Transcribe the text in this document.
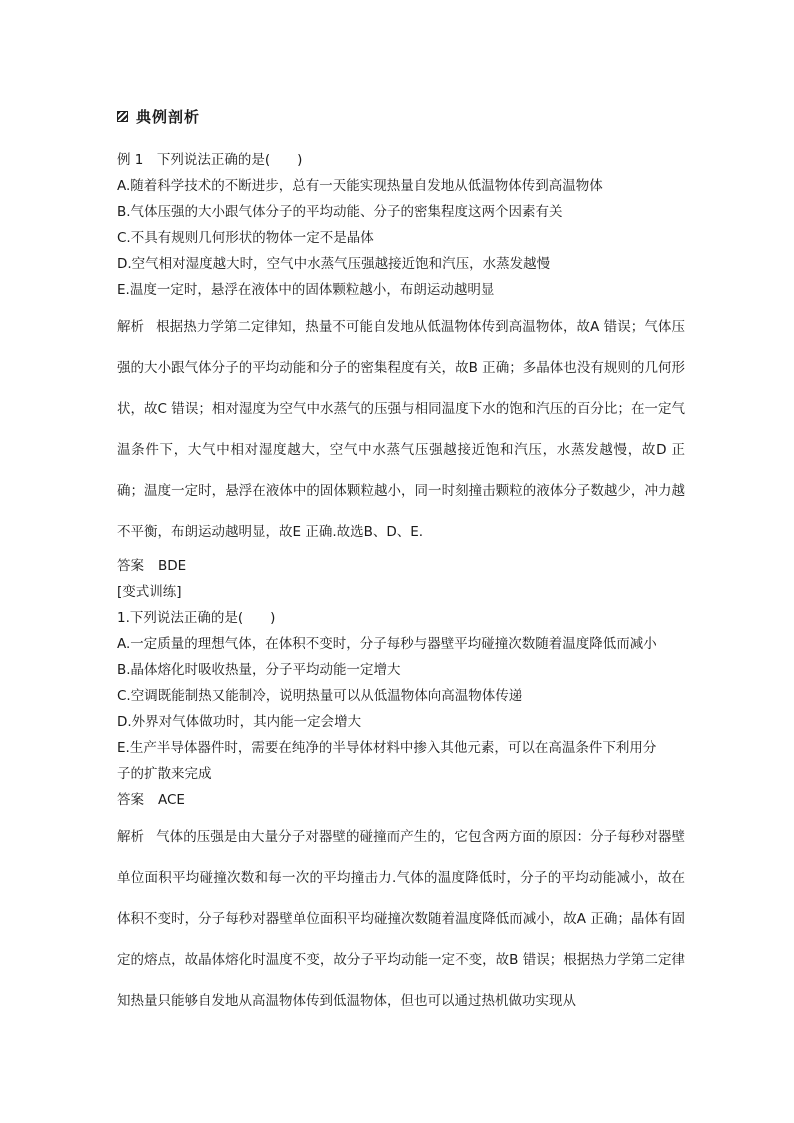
典例剖析
例 1　下列说法正确的是(　　)
A.随着科学技术的不断进步，总有一天能实现热量自发地从低温物体传到高温物体
B.气体压强的大小跟气体分子的平均动能、分子的密集程度这两个因素有关
C.不具有规则几何形状的物体一定不是晶体
D.空气相对湿度越大时，空气中水蒸气压强越接近饱和汽压，水蒸发越慢
E.温度一定时，悬浮在液体中的固体颗粒越小，布朗运动越明显
解析 根据热力学第二定律知，热量不可能自发地从低温物体传到高温物体，故A 错误；气体压强的大小跟气体分子的平均动能和分子的密集程度有关，故B 正确；多晶体也没有规则的几何形状，故C 错误；相对湿度为空气中水蒸气的压强与相同温度下水的饱和汽压的百分比；在一定气温条件下，大气中相对湿度越大，空气中水蒸气压强越接近饱和汽压，水蒸发越慢，故D 正确；温度一定时，悬浮在液体中的固体颗粒越小，同一时刻撞击颗粒的液体分子数越少，冲力越不平衡，布朗运动越明显，故E 正确.故选B、D、E.
答案 BDE
[变式训练]
1.下列说法正确的是(　　)
A.一定质量的理想气体，在体积不变时，分子每秒与器壁平均碰撞次数随着温度降低而减小
B.晶体熔化时吸收热量，分子平均动能一定增大
C.空调既能制热又能制冷，说明热量可以从低温物体向高温物体传递
D.外界对气体做功时，其内能一定会增大
E.生产半导体器件时，需要在纯净的半导体材料中掺入其他元素，可以在高温条件下利用分
子的扩散来完成
答案 ACE
解析 气体的压强是由大量分子对器壁的碰撞而产生的，它包含两方面的原因：分子每秒对器壁单位面积平均碰撞次数和每一次的平均撞击力.气体的温度降低时，分子的平均动能减小，故在体积不变时，分子每秒对器壁单位面积平均碰撞次数随着温度降低而减小，故A 正确；晶体有固定的熔点，故晶体熔化时温度不变，故分子平均动能一定不变，故B 错误；根据热力学第二定律知热量只能够自发地从高温物体传到低温物体，但也可以通过热机做功实现从
